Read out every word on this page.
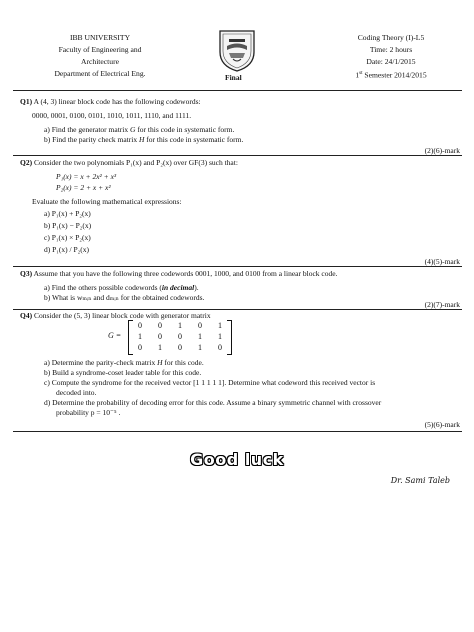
IBB UNIVERSITY
Faculty of Engineering and
Architecture
Department of Electrical Eng.	Final
Coding Theory (I)-L5
Time: 2 hours
Date: 24/1/2015
1st Semester 2014/2015
Q1) A (4, 3) linear block code has the following codewords:
0000, 0001, 0100, 0101, 1010, 1011, 1110, and 1111.
a) Find the generator matrix G for this code in systematic form.
b) Find the parity check matrix H for this code in systematic form.
(2)(6)-mark
Q2) Consider the two polynomials P₁(x) and P₂(x) over GF(3) such that:
P₁(x) = x + 2x² + x³
P₂(x) = 2 + x + x²
Evaluate the following mathematical expressions:
a) P₁(x) + P₂(x)
b) P₁(x) − P₂(x)
c) P₁(x) × P₂(x)
d) P₁(x) / P₂(x)
(4)(5)-mark
Q3) Assume that you have the following three codewords 0001, 1000, and 0100 from a linear block code.
a) Find the others possible codewords (in decimal).
b) What is wₘᵢₙ and dₘᵢₙ for the obtained codewords.
(2)(7)-mark
Q4) Consider the (5, 3) linear block code with generator matrix
G =
0 0 1 0 1
1 0 0 1 1
0 1 0 1 0
a) Determine the parity-check matrix H for this code.
b) Build a syndrome-coset leader table for this code.
c) Compute the syndrome for the received vector [1 1 1 1 1]. Determine what codeword this received vector is
decoded into.
d) Determine the probability of decoding error for this code. Assume a binary symmetric channel with crossover
probability p = 10⁻⁵ .
(5)(6)-mark
Good luck
Dr. Sami Taleb
